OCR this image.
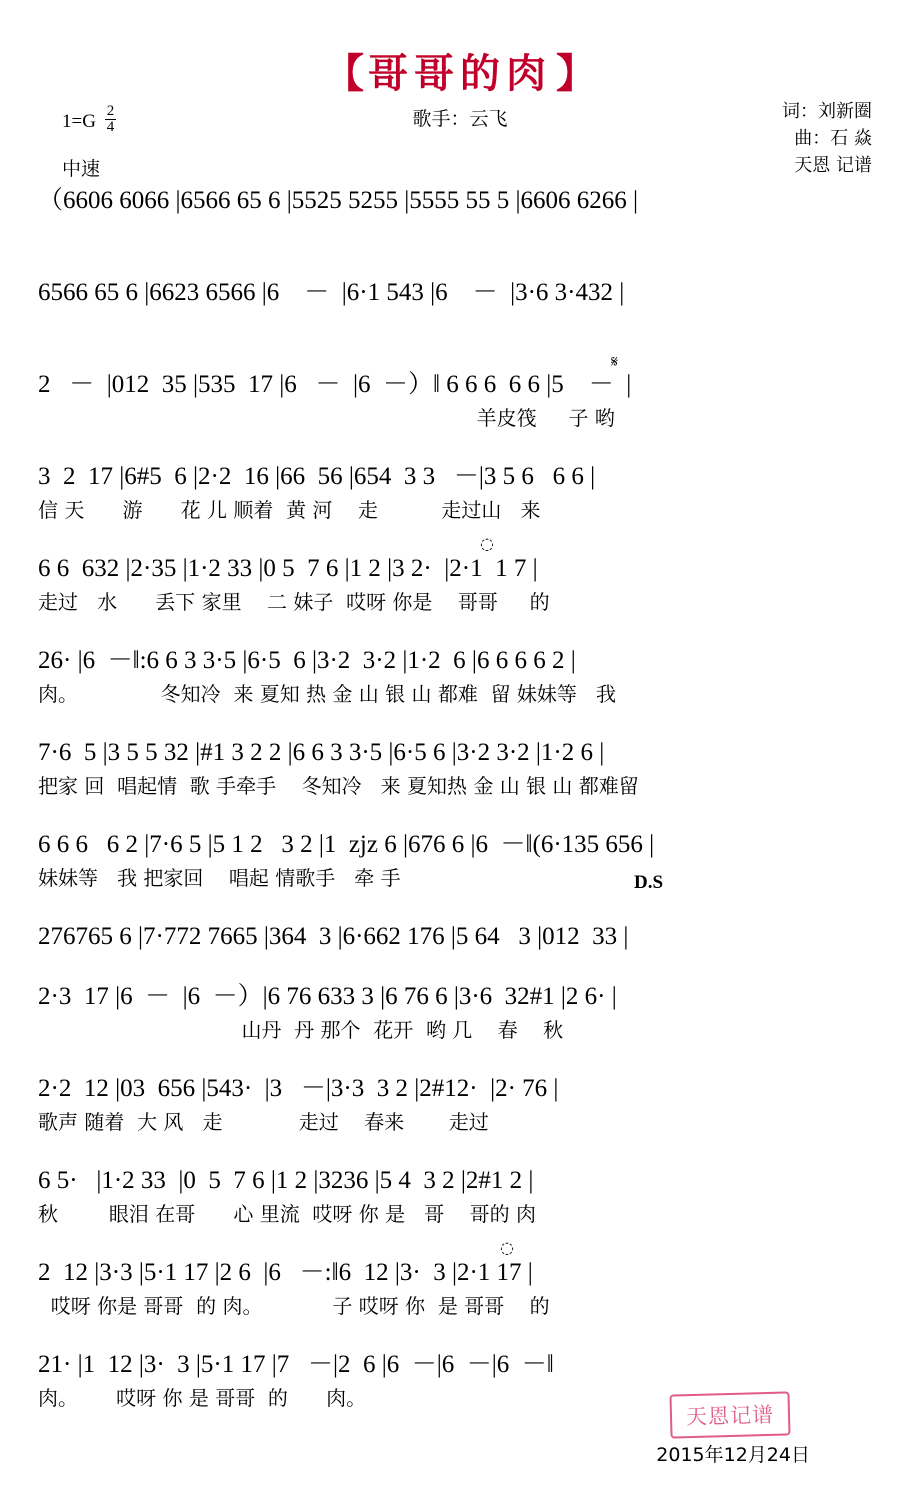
【 哥哥的肉 】
$1=G \frac{2}{4}$
中速
歌手：云飞	词：刘新圈
曲：石 焱
天恩 记谱
（6606 6066 |6566 65 6 |5525 5255 |5555 55 5 |6606 6266 |
6566 65 6 |6623 6566 |6    －  |6·1 543 |6    －  |3·6 3·432 |
𝄋
2   －  |012  35 |535  17 |6   －  |6  －）‖ 6 6 6  6 6 |5    －  |
羊皮筏     子 哟
3  2  17 |6#5  6 |2·2  16 |66  56 |654  3 3   －|3 5 6   6 6 |
信 天      游      花 儿 顺着  黄 河    走          走过山   来
◌
6 6  632 |2·35 |1·2 33 |0 5  7 6 |1 2 |3 2·  |2·1  1 7 |
走过   水      丢下 家里    二 妹子  哎呀 你是    哥哥     的
26· |6  －‖:6 6 3 3·5 |6·5  6 |3·2  3·2 |1·2  6 |6 6 6 6 2 |
肉。             冬知冷  来 夏知 热 金 山 银 山 都难  留 妹妹等   我
7·6  5 |3 5 5 32 |#1 3 2 2 |6 6 3 3·5 |6·5 6 |3·2 3·2 |1·2 6 |
把家 回  唱起情  歌 手牵手    冬知冷   来 夏知热 金 山 银 山 都难留
6 6 6   6 2 |7·6 5 |5 1 2   3 2 |1  zjz 6 |676 6 |6  －‖(6·135 656 |
妹妹等   我 把家回    唱起 情歌手   牵 手	D.S
276765 6 |7·772 7665 |364  3 |6·662 176 |5 64   3 |012  33 |
2·3  17 |6  －  |6  －）|6 76 633 3 |6 76 6 |3·6  32#1 |2 6· |
山丹  丹 那个  花开  哟 几    春    秋
2·2  12 |03  656 |543·  |3   －|3·3  3 2 |2#12·  |2· 76 |
歌声 随着  大 风   走            走过    春来       走过
6 5·   |1·2 33  |0  5  7 6 |1 2 |3236 |5 4  3 2 |2#1 2 |
秋        眼泪 在哥      心 里流  哎呀 你 是   哥    哥的 肉
◌
2  12 |3·3 |5·1 17 |2 6  |6   －:‖6  12 |3·  3 |2·1 17 |
哎呀 你是 哥哥  的 肉。           子 哎呀 你  是 哥哥    的
21· |1  12 |3·  3 |5·1 17 |7   －|2  6 |6  －|6  －|6  －‖
肉。      哎呀 你 是 哥哥  的      肉。
天恩记谱
2015年12月24日
